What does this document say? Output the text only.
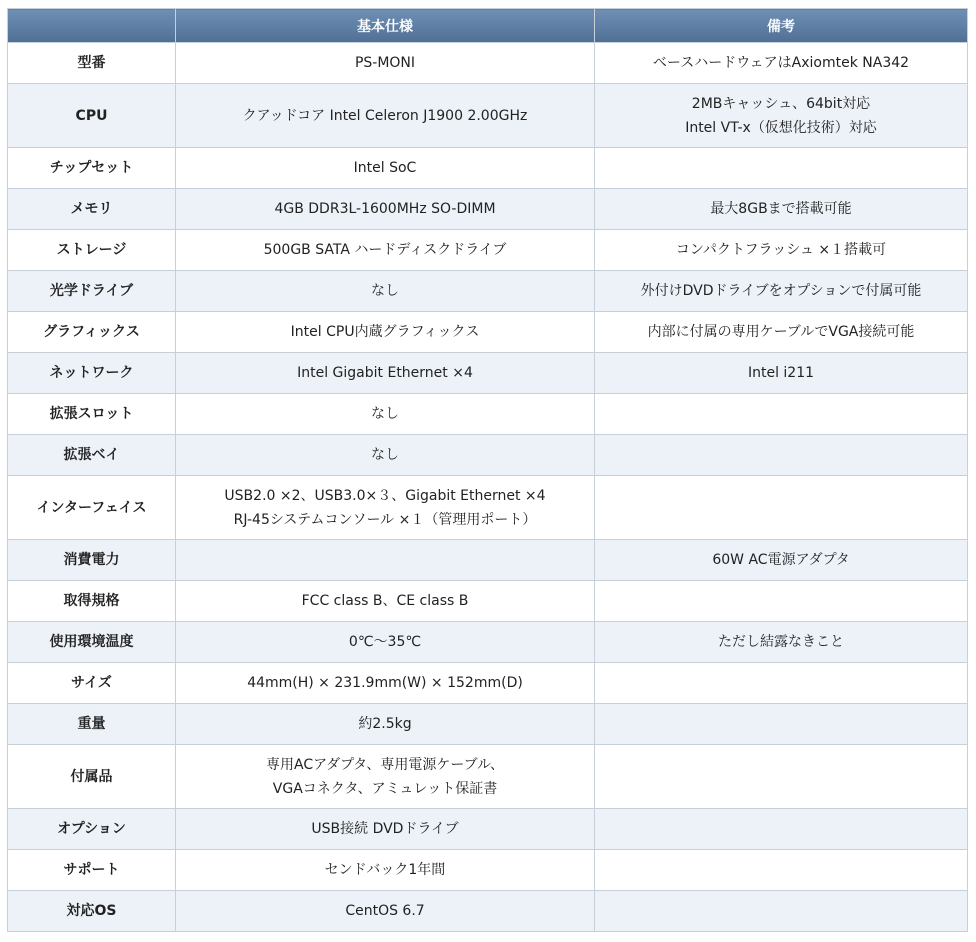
	基本仕様	備考
型番	PS-MONI	ベースハードウェアはAxiomtek NA342

CPU	クアッドコア Intel Celeron J1900 2.00GHz	2MBキャッシュ、64bit対応
Intel VT-x（仮想化技術）対応

チップセット	Intel SoC	

メモリ	4GB DDR3L-1600MHz SO-DIMM	最大8GBまで搭載可能

ストレージ	500GB SATA ハードディスクドライブ	コンパクトフラッシュ ×１搭載可

光学ドライブ	なし	外付けDVDドライブをオプションで付属可能

グラフィックス	Intel CPU内蔵グラフィックス	内部に付属の専用ケーブルでVGA接続可能

ネットワーク	Intel Gigabit Ethernet ×4	Intel i211

拡張スロット	なし	

拡張ベイ	なし	

インターフェイス	USB2.0 ×2、USB3.0×３、Gigabit Ethernet ×4
RJ-45システムコンソール ×１（管理用ポート）	

消費電力		60W AC電源アダプタ

取得規格	FCC class B、CE class B	

使用環境温度	0℃〜35℃	ただし結露なきこと

サイズ	44mm(H) × 231.9mm(W) × 152mm(D)	

重量	約2.5kg	

付属品	専用ACアダプタ、専用電源ケーブル、
VGAコネクタ、アミュレット保証書	

オプション	USB接続 DVDドライブ	

サポート	センドバック1年間	

対応OS	CentOS 6.7	
